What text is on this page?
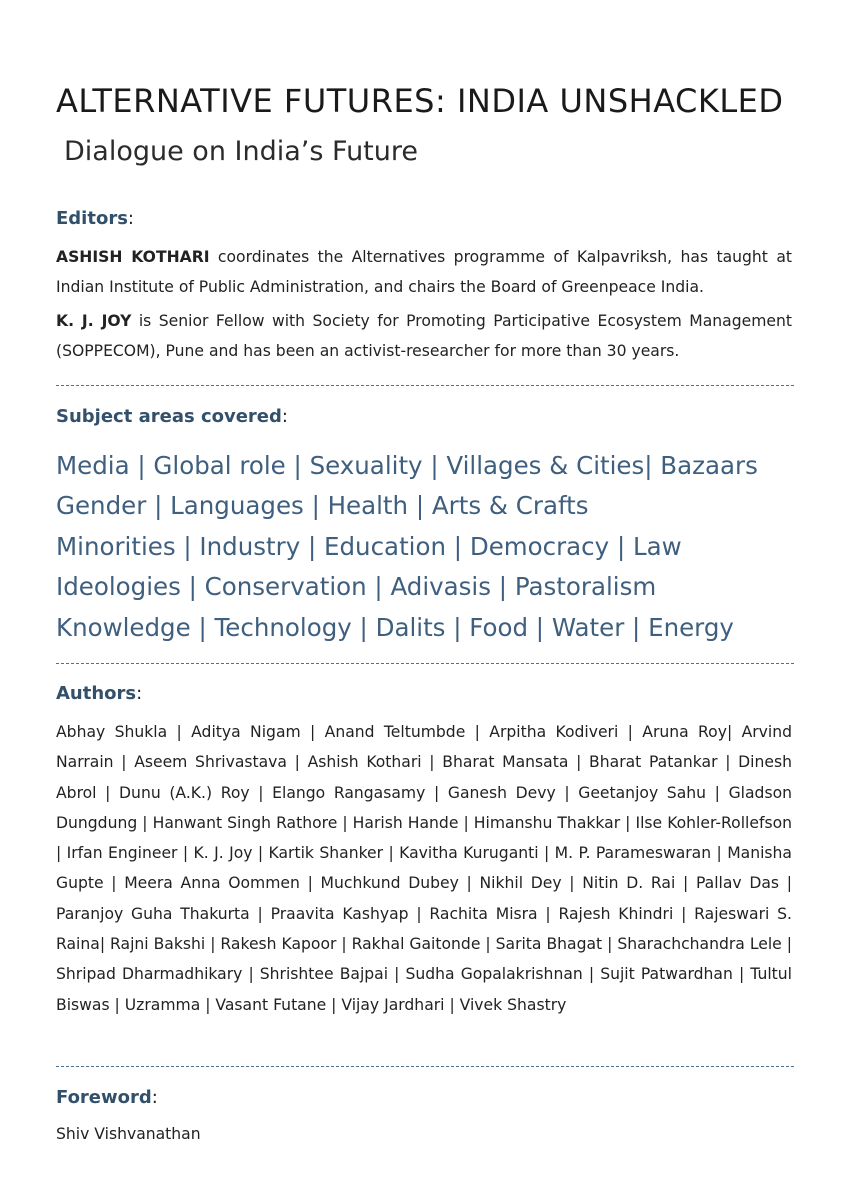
ALTERNATIVE FUTURES: INDIA UNSHACKLED
Dialogue on India’s Future
Editors:

ASHISH KOTHARI coordinates the Alternatives programme of Kalpavriksh, has taught at Indian Institute of Public Administration, and chairs the Board of Greenpeace India.

K. J. JOY is Senior Fellow with Society for Promoting Participative Ecosystem Management (SOPPECOM), Pune and has been an activist-researcher for more than 30 years.

Subject areas covered:
Media | Global role | Sexuality | Villages & Cities| Bazaars
Gender | Languages | Health | Arts & Crafts
Minorities | Industry | Education | Democracy | Law
Ideologies | Conservation | Adivasis | Pastoralism
Knowledge | Technology | Dalits | Food | Water | Energy
Authors:

Abhay Shukla | Aditya Nigam | Anand Teltumbde | Arpitha Kodiveri | Aruna Roy| Arvind Narrain | Aseem Shrivastava | Ashish Kothari | Bharat Mansata | Bharat Patankar | Dinesh Abrol | Dunu (A.K.) Roy | Elango Rangasamy | Ganesh Devy | Geetanjoy Sahu | Gladson Dungdung | Hanwant Singh Rathore | Harish Hande | Himanshu Thakkar | Ilse Kohler-Rollefson | Irfan Engineer | K. J. Joy | Kartik Shanker | Kavitha Kuruganti | M. P. Parameswaran | Manisha Gupte | Meera Anna Oommen | Muchkund Dubey | Nikhil Dey | Nitin D. Rai | Pallav Das | Paranjoy Guha Thakurta | Praavita Kashyap | Rachita Misra | Rajesh Khindri | Rajeswari S. Raina| Rajni Bakshi | Rakesh Kapoor | Rakhal Gaitonde | Sarita Bhagat | Sharachchandra Lele | Shripad Dharmadhikary | Shrishtee Bajpai | Sudha Gopalakrishnan | Sujit Patwardhan | Tultul Biswas | Uzramma | Vasant Futane | Vijay Jardhari | Vivek Shastry

Foreword:
Shiv Vishvanathan
